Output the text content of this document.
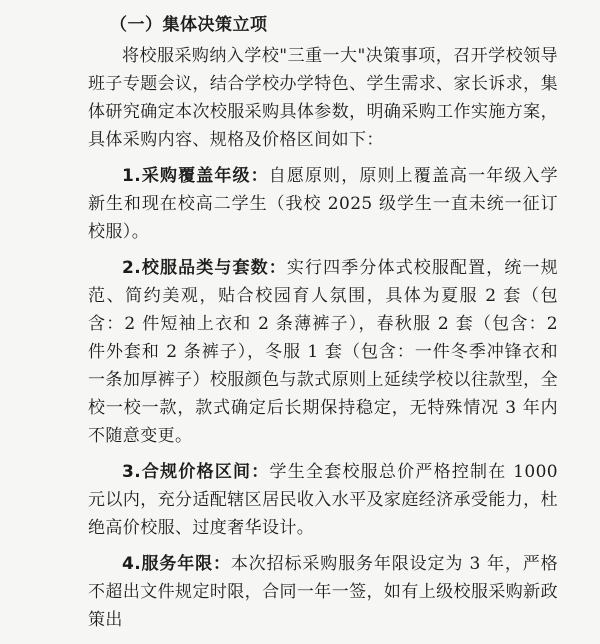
（一）集体决策立项

将校服采购纳入学校"三重一大"决策事项，召开学校领导班子专题会议，结合学校办学特色、学生需求、家长诉求，集体研究确定本次校服采购具体参数，明确采购工作实施方案，具体采购内容、规格及价格区间如下：

1.采购覆盖年级：自愿原则，原则上覆盖高一年级入学新生和现在校高二学生（我校 2025 级学生一直未统一征订校服）。

2.校服品类与套数：实行四季分体式校服配置，统一规范、简约美观，贴合校园育人氛围，具体为夏服 2 套（包含：2 件短袖上衣和 2 条薄裤子），春秋服 2 套（包含：2 件外套和 2 条裤子），冬服 1 套（包含：一件冬季冲锋衣和一条加厚裤子）校服颜色与款式原则上延续学校以往款型，全校一校一款，款式确定后长期保持稳定，无特殊情况 3 年内不随意变更。

3.合规价格区间：学生全套校服总价严格控制在 1000 元以内，充分适配辖区居民收入水平及家庭经济承受能力，杜绝高价校服、过度奢华设计。

4.服务年限：本次招标采购服务年限设定为 3 年，严格不超出文件规定时限，合同一年一签，如有上级校服采购新政策出
